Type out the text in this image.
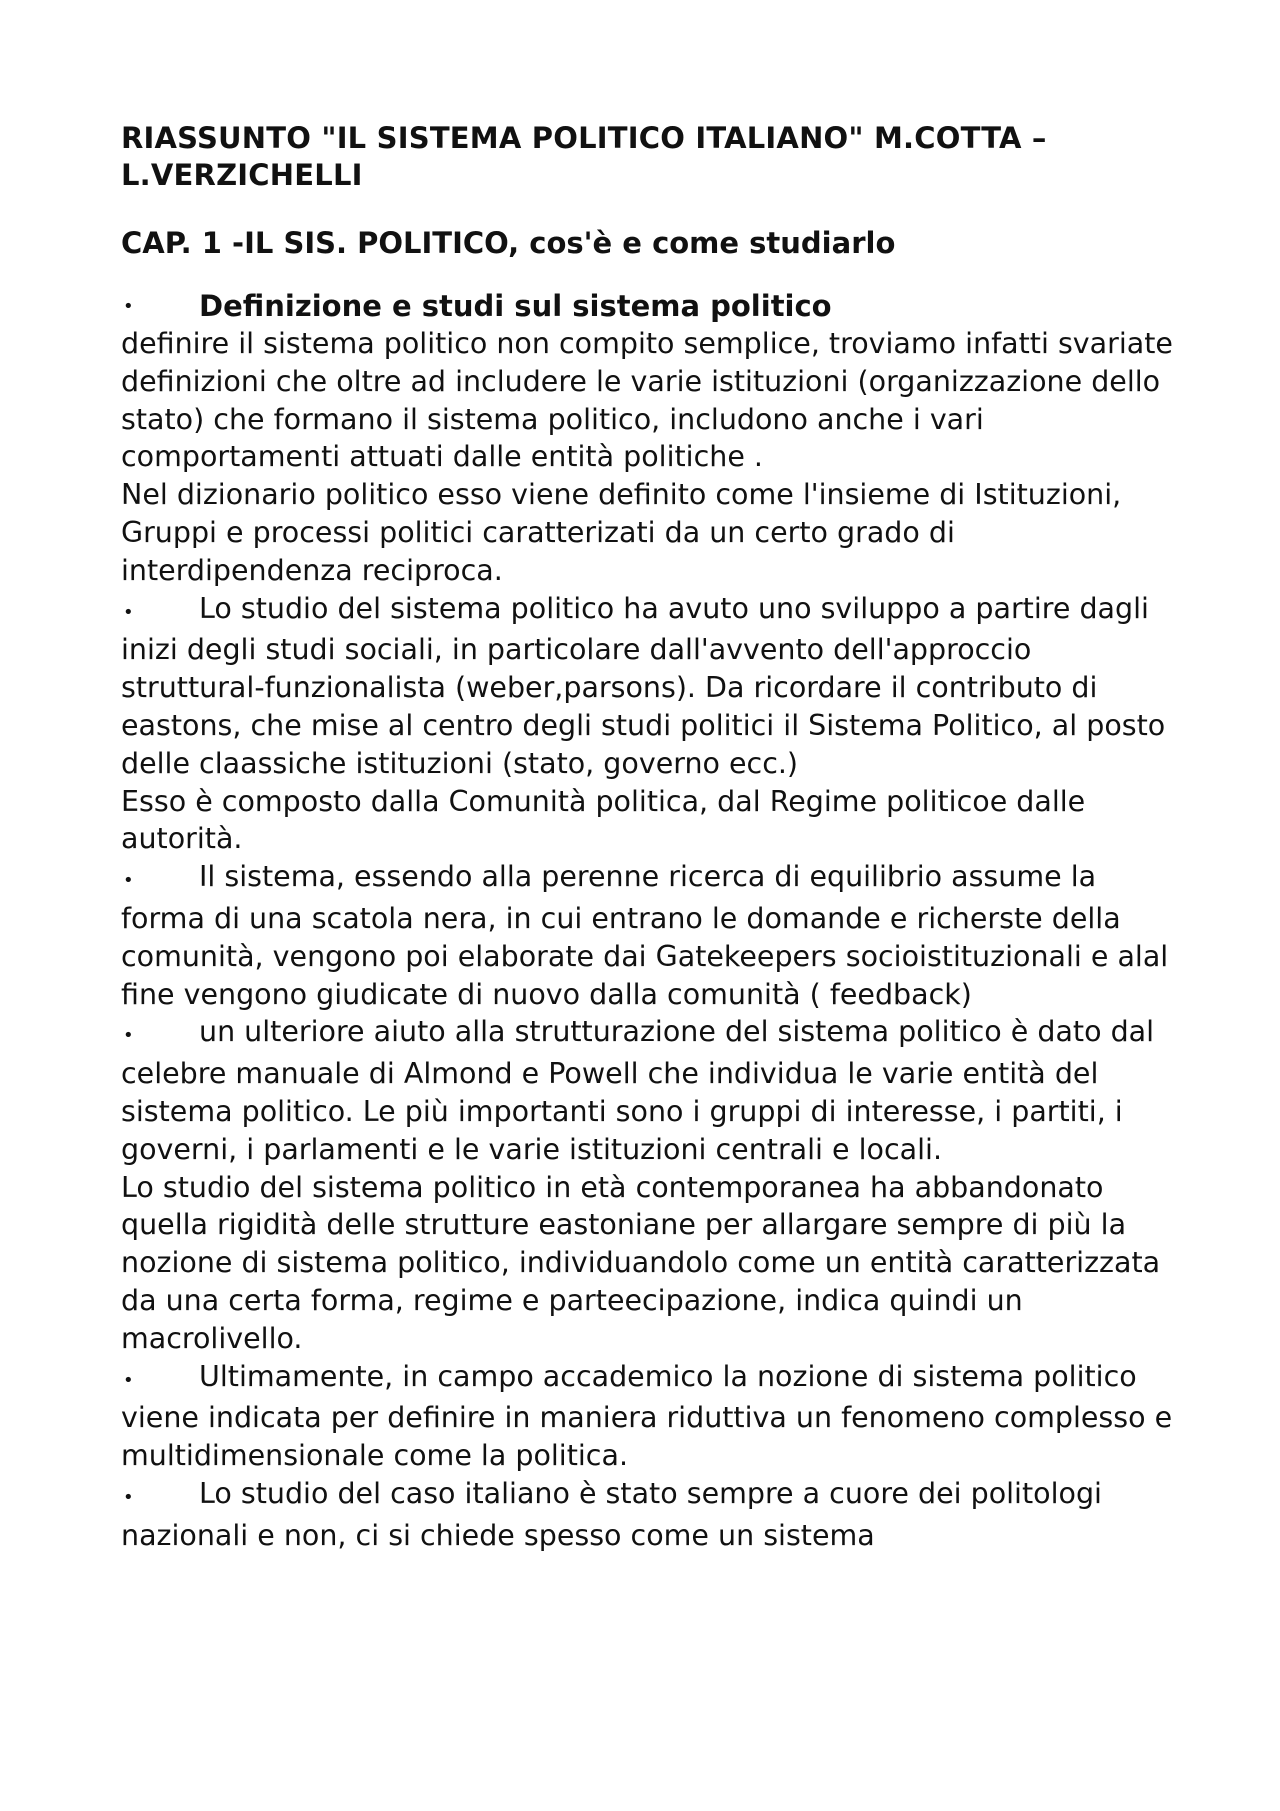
RIASSUNTO "IL SISTEMA POLITICO ITALIANO" M.COTTA – L.VERZICHELLI
CAP. 1 -IL SIS. POLITICO, cos'è e come studiarlo
•	Definizione e studi sul sistema politico

definire il sistema politico non compito semplice, troviamo infatti svariate definizioni che oltre ad includere le varie istituzioni (organizzazione dello stato) che formano il sistema politico, includono anche i vari comportamenti attuati dalle entità politiche .

Nel dizionario politico esso viene definito come l'insieme di Istituzioni, Gruppi e processi politici caratterizati da un certo grado di interdipendenza reciproca.

• Lo studio del sistema politico ha avuto uno sviluppo a partire dagli inizi degli studi sociali, in particolare dall'avvento dell'approccio struttural-funzionalista (weber,parsons). Da ricordare il contributo di eastons, che mise al centro degli studi politici il Sistema Politico, al posto delle claassiche istituzioni (stato, governo ecc.)

Esso è composto dalla Comunità politica, dal Regime politicoe dalle autorità.

• Il sistema, essendo alla perenne ricerca di equilibrio assume la forma di una scatola nera, in cui entrano le domande e richerste della comunità, vengono poi elaborate dai Gatekeepers socioistituzionali e alal fine vengono giudicate di nuovo dalla comunità ( feedback)

• un ulteriore aiuto alla strutturazione del sistema politico è dato dal celebre manuale di Almond e Powell che individua le varie entità del sistema politico. Le più importanti sono i gruppi di interesse, i partiti, i governi, i parlamenti e le varie istituzioni centrali e locali.

Lo studio del sistema politico in età contemporanea ha abbandonato quella rigidità delle strutture eastoniane per allargare sempre di più la nozione di sistema politico, individuandolo come un entità caratterizzata da una certa forma, regime e parteecipazione, indica quindi un macrolivello.

• Ultimamente, in campo accademico la nozione di sistema politico viene indicata per definire in maniera riduttiva un fenomeno complesso e multidimensionale come la politica.

• Lo studio del caso italiano è stato sempre a cuore dei politologi nazionali e non, ci si chiede spesso come un sistema
